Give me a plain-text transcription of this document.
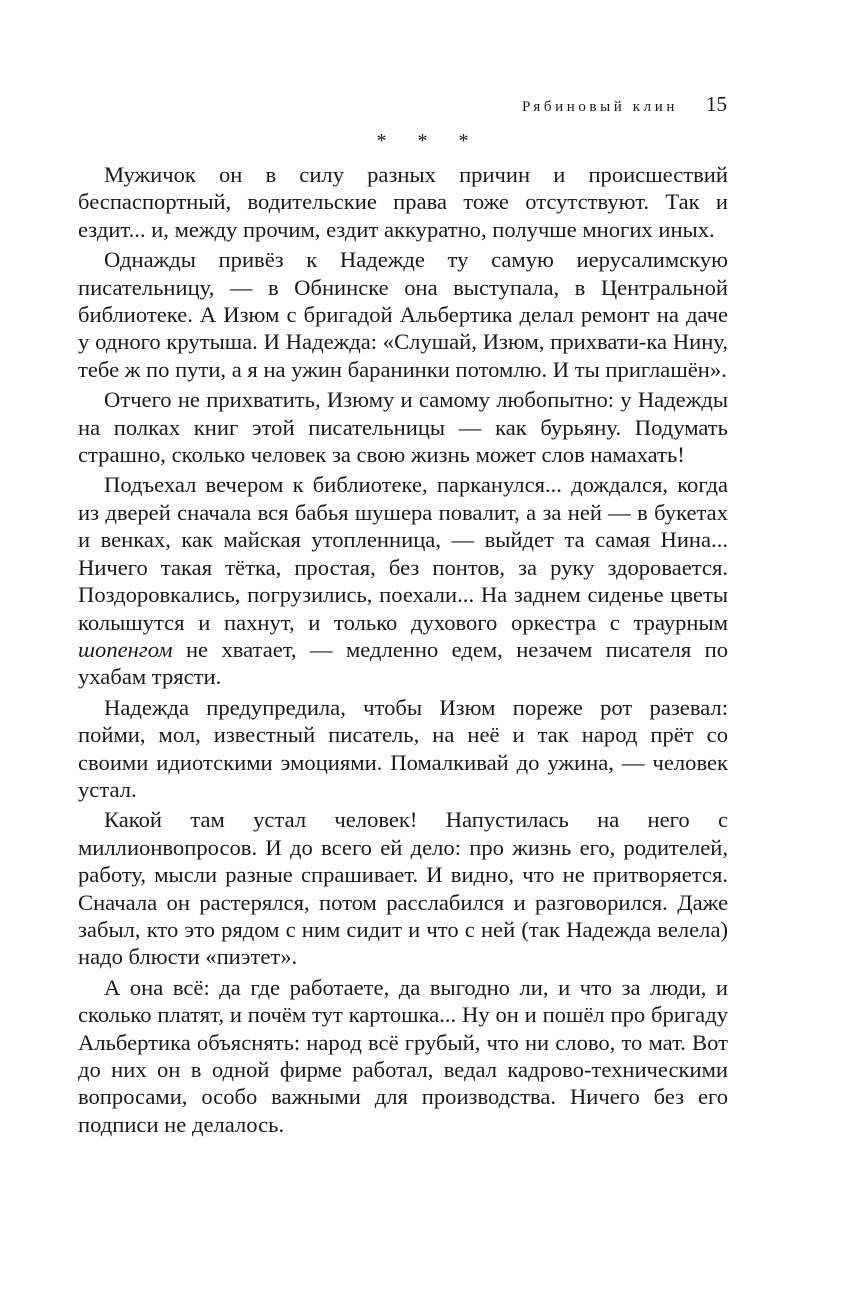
Рябиновый клин 15
* * *

Мужичок он в силу разных причин и происшествий беспаспортный, водительские права тоже отсутствуют. Так и ездит... и, между прочим, ездит аккуратно, получше многих иных.

Однажды привёз к Надежде ту самую иерусалимскую писательницу, — в Обнинске она выступала, в Центральной библиотеке. А Изюм с бригадой Альбертика делал ремонт на даче у одного крутыша. И Надежда: «Слушай, Изюм, прихвати-ка Нину, тебе ж по пути, а я на ужин баранинки потомлю. И ты приглашён».

Отчего не прихватить, Изюму и самому любопытно: у Надежды на полках книг этой писательницы — как бурьяну. Подумать страшно, сколько человек за свою жизнь может слов намахать!

Подъехал вечером к библиотеке, парканулся... дождался, когда из дверей сначала вся бабья шушера повалит, а за ней — в букетах и венках, как майская утопленница, — выйдет та самая Нина... Ничего такая тётка, простая, без понтов, за руку здоровается. Поздоровкались, погрузились, поехали... На заднем сиденье цветы колышутся и пахнут, и только духового оркестра с траурным шопенгом не хватает, — медленно едем, незачем писателя по ухабам трясти.

Надежда предупредила, чтобы Изюм пореже рот разевал: пойми, мол, известный писатель, на неё и так народ прёт со своими идиотскими эмоциями. Помалкивай до ужина, — человек устал.

Какой там устал человек! Напустилась на него с миллионвопросов. И до всего ей дело: про жизнь его, родителей, работу, мысли разные спрашивает. И видно, что не притворяется. Сначала он растерялся, потом расслабился и разговорился. Даже забыл, кто это рядом с ним сидит и что с ней (так Надежда велела) надо блюсти «пиэтет».

А она всё: да где работаете, да выгодно ли, и что за люди, и сколько платят, и почём тут картошка... Ну он и пошёл про бригаду Альбертика объяснять: народ всё грубый, что ни слово, то мат. Вот до них он в одной фирме работал, ведал кадрово-техническими вопросами, особо важными для производства. Ничего без его подписи не делалось.
